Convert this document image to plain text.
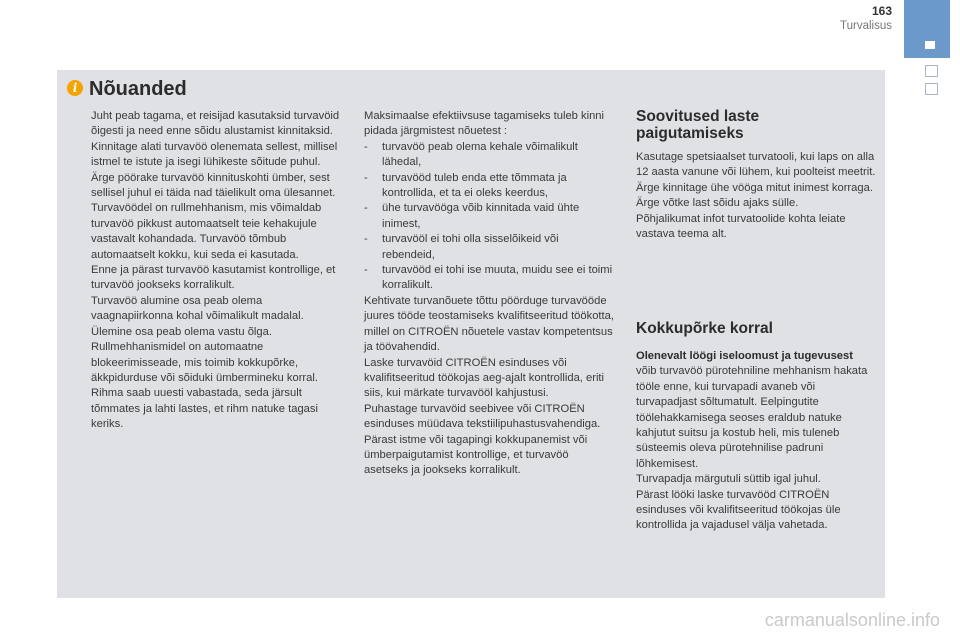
163
Turvalisus
i Nõuanded

Juht peab tagama, et reisijad kasutaksid turvavöid õigesti ja need enne sõidu alustamist kinnitaksid.

Kinnitage alati turvavöö olenemata sellest, millisel istmel te istute ja isegi lühikeste sõitude puhul.

Ärge pöörake turvavöö kinnituskohti ümber, sest sellisel juhul ei täida nad täielikult oma ülesannet.

Turvavöödel on rullmehhanism, mis võimaldab turvavöö pikkust automaatselt teie kehakujule vastavalt kohandada. Turvavöö tõmbub automaatselt kokku, kui seda ei kasutada.

Enne ja pärast turvavöö kasutamist kontrollige, et turvavöö jookseks korralikult.

Turvavöö alumine osa peab olema vaagnapiirkonna kohal võimalikult madalal.

Ülemine osa peab olema vastu õlga.

Rullmehhanismidel on automaatne blokeerimisseade, mis toimib kokkupõrke, äkkpidurduse või sõiduki ümbermineku korral. Rihma saab uuesti vabastada, seda järsult tõmmates ja lahti lastes, et rihm natuke tagasi keriks.

Maksimaalse efektiivsuse tagamiseks tuleb kinni pidada järgmistest nõuetest :

- turvavöö peab olema kehale võimalikult lähedal,
- turvavööd tuleb enda ette tõmmata ja kontrollida, et ta ei oleks keerdus,
- ühe turvavööga võib kinnitada vaid ühte inimest,
- turvavööl ei tohi olla sisselõikeid või rebendeid,
- turvavööd ei tohi ise muuta, muidu see ei toimi korralikult.

Kehtivate turvanõuete tõttu pöörduge turvavööde juures tööde teostamiseks kvalifitseeritud töökotta, millel on CITROËN nõuetele vastav kompetentsus ja töövahendid.

Laske turvavöid CITROËN esinduses või kvalifitseeritud töökojas aeg-ajalt kontrollida, eriti siis, kui märkate turvavööl kahjustusi.

Puhastage turvavöid seebivee või CITROËN esinduses müüdava tekstiilipuhastusvahendiga.

Pärast istme või tagapingi kokkupanemist või ümberpaigutamist kontrollige, et turvavöö asetseks ja jookseks korralikult.

Soovitused laste paigutamiseks

Kasutage spetsiaalset turvatooli, kui laps on alla 12 aasta vanune või lühem, kui poolteist meetrit.

Ärge kinnitage ühe vööga mitut inimest korraga.

Ärge võtke last sõidu ajaks sülle.

Põhjalikumat infot turvatoolide kohta leiate vastava teema alt.

Kokkupõrke korral

Olenevalt löögi iseloomust ja tugevusest võib turvavöö pürotehniline mehhanism hakata tööle enne, kui turvapadi avaneb või turvapadjast sõltumatult. Eelpingutite töölehakkamisega seoses eraldub natuke kahjutut suitsu ja kostub heli, mis tuleneb süsteemis oleva pürotehnilise padruni lõhkemisest.

Turvapadja märgutuli süttib igal juhul.

Pärast lööki laske turvavööd CITROËN esinduses või kvalifitseeritud töökojas üle kontrollida ja vajadusel välja vahetada.

carmanualsonline.info
